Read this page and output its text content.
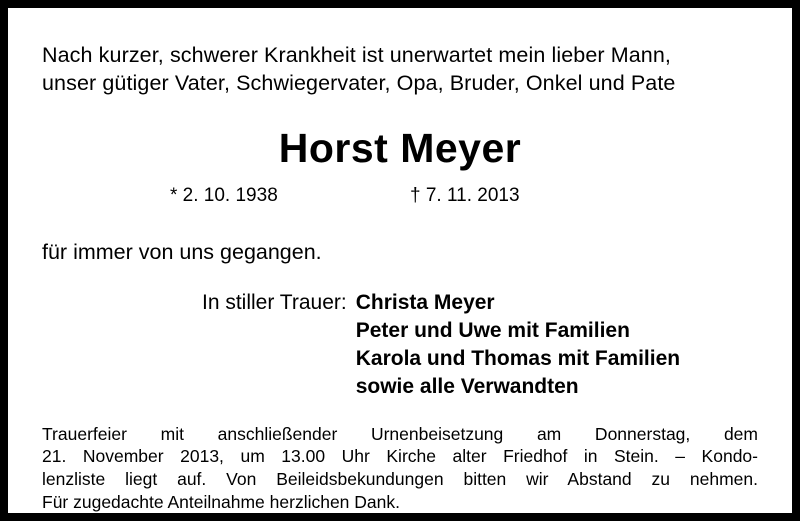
Nach kurzer, schwerer Krankheit ist unerwartet mein lieber Mann,
unser gütiger Vater, Schwiegervater, Opa, Bruder, Onkel und Pate
Horst Meyer
* 2. 10. 1938	† 7. 11. 2013
für immer von uns gegangen.
In stiller Trauer: Christa Meyer
Peter und Uwe mit Familien
Karola und Thomas mit Familien
sowie alle Verwandten
Trauerfeier mit anschließender Urnenbeisetzung am Donnerstag, dem
21. November 2013, um 13.00 Uhr Kirche alter Friedhof in Stein. – Kondo-
lenzliste liegt auf. Von Beileidsbekundungen bitten wir Abstand zu nehmen.
Für zugedachte Anteilnahme herzlichen Dank.
